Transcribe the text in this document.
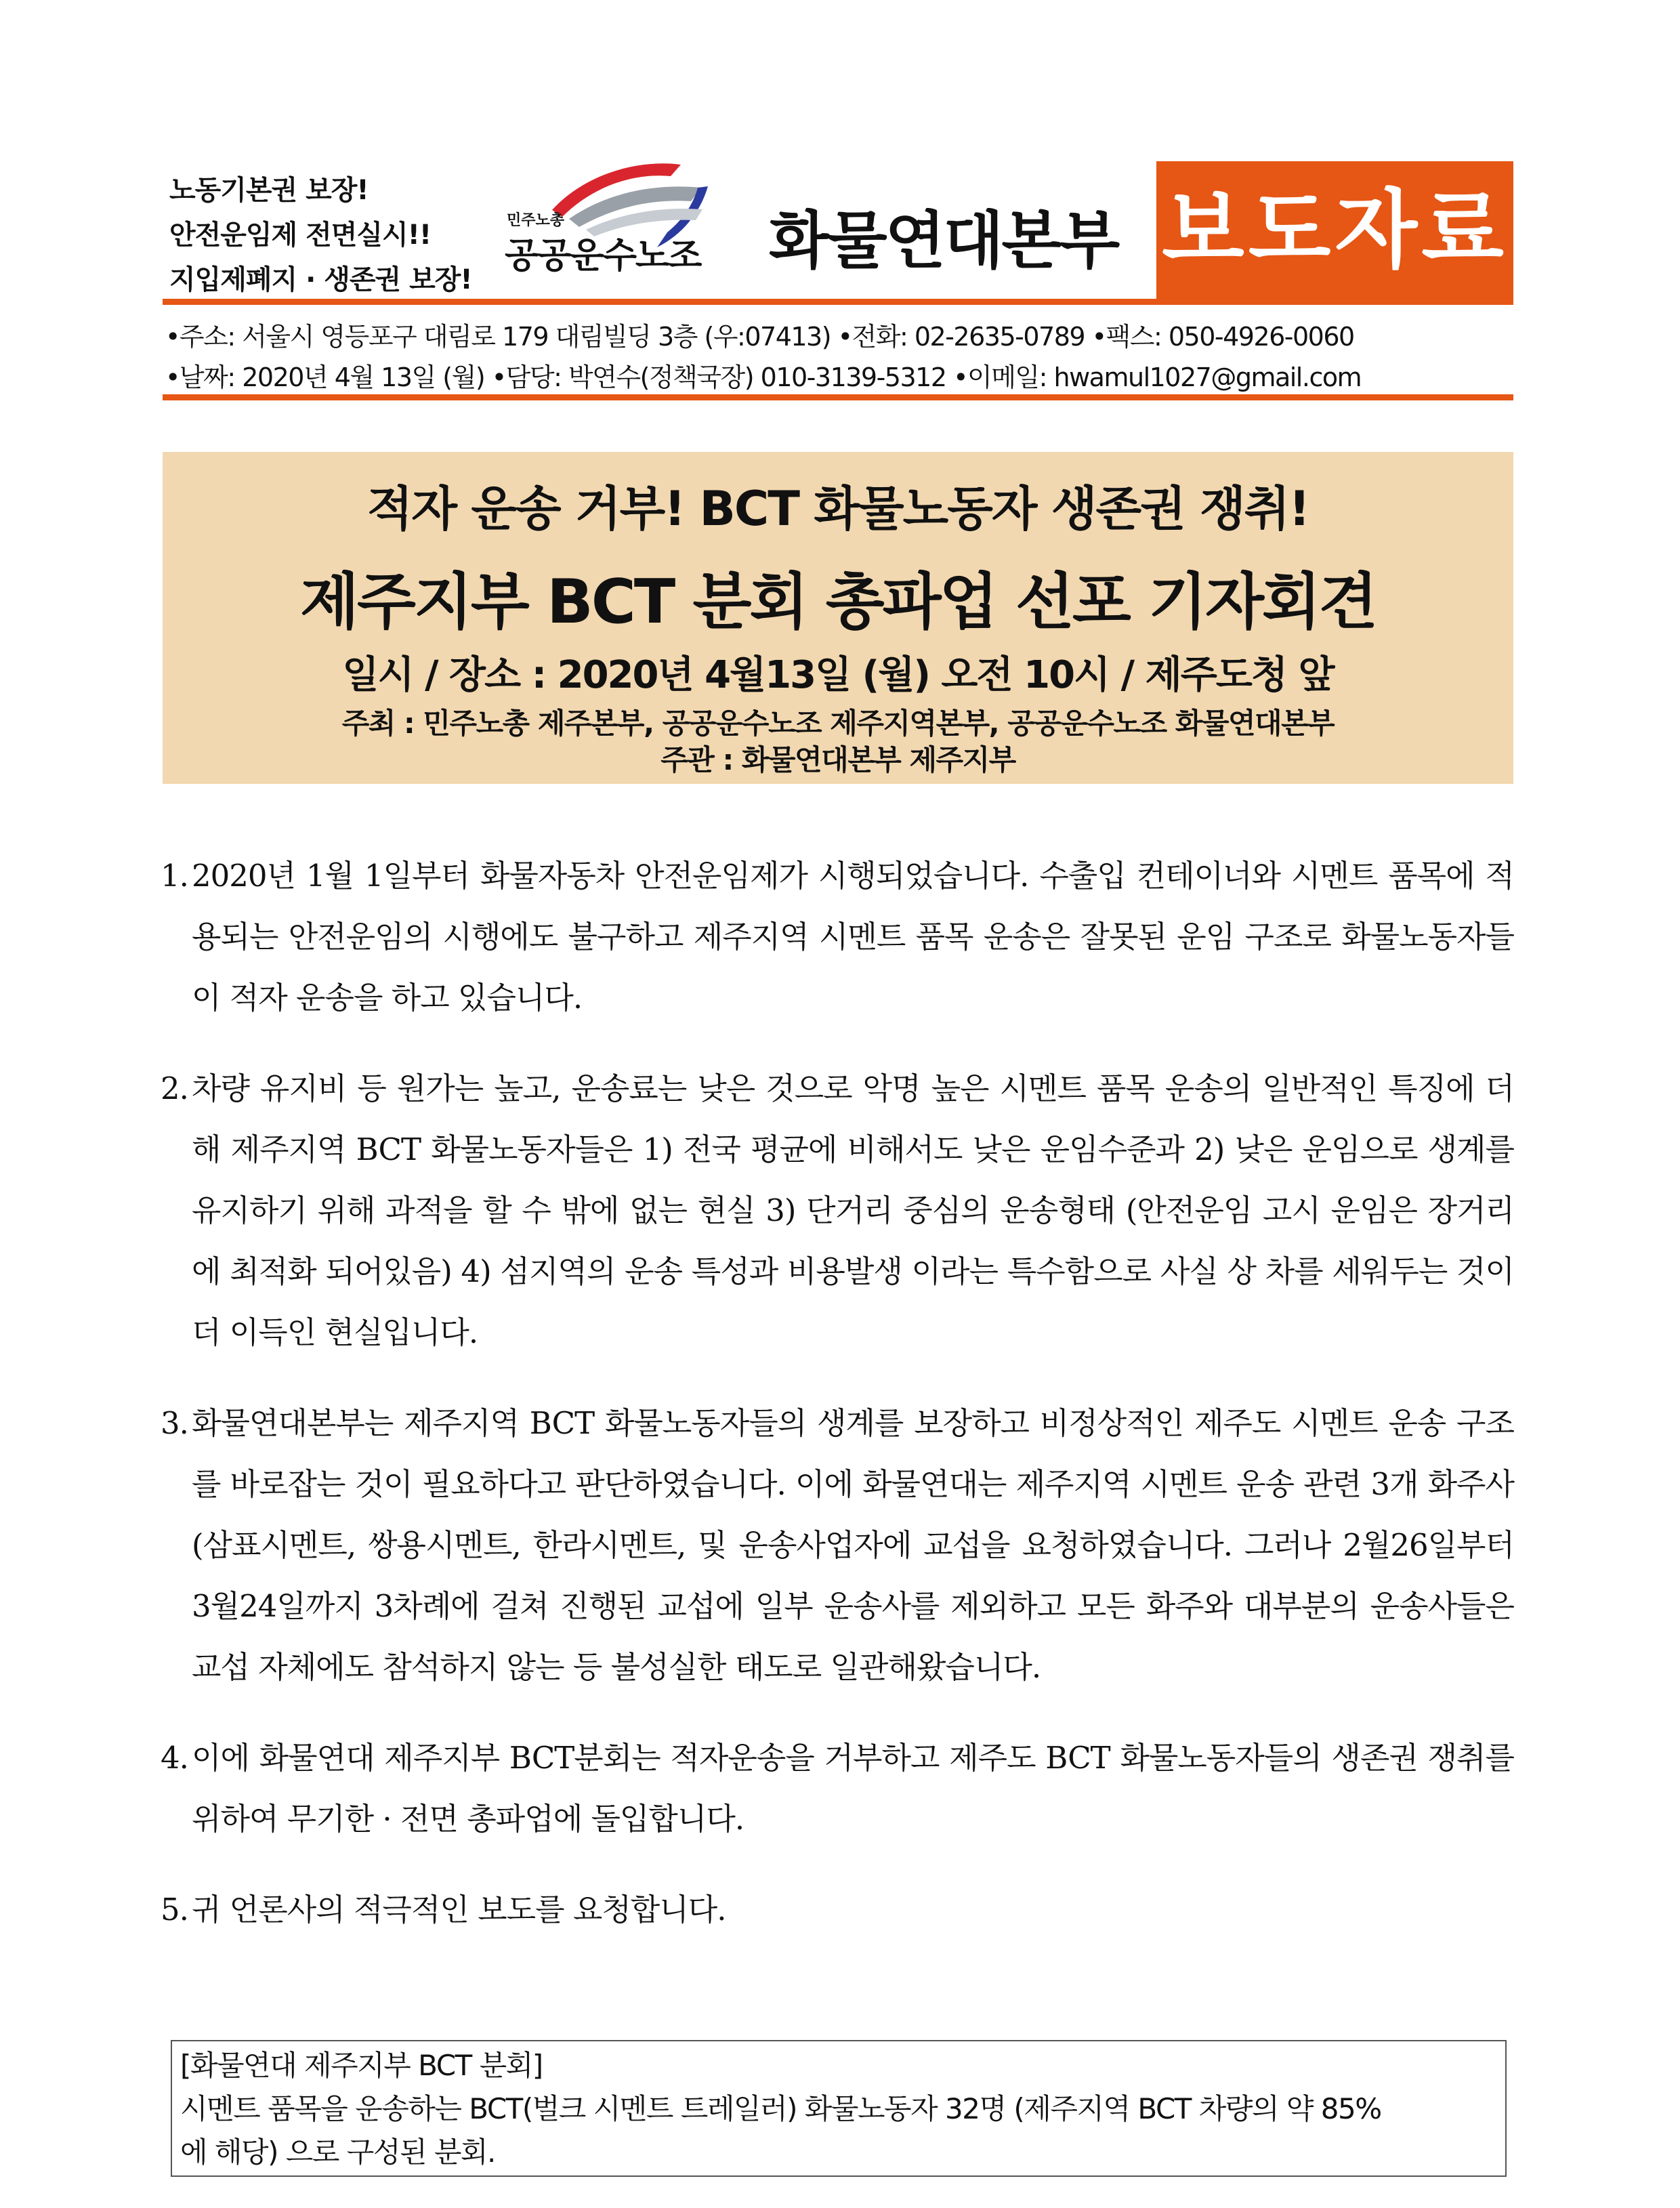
노동기본권 보장!
안전운임제 전면실시!!
지입제폐지 · 생존권 보장!
민주노총
공공운수노조 화물연대본부 보도자료
•주소: 서울시 영등포구 대림로 179 대림빌딩 3층 (우:07413) •전화: 02-2635-0789 •팩스: 050-4926-0060
•날짜: 2020년 4월 13일 (월) •담당: 박연수(정책국장) 010-3139-5312 •이메일: hwamul1027@gmail.com
적자 운송 거부! BCT 화물노동자 생존권 쟁취!
제주지부 BCT 분회 총파업 선포 기자회견
일시 / 장소 : 2020년 4월13일 (월) 오전 10시 / 제주도청 앞
주최 : 민주노총 제주본부, 공공운수노조 제주지역본부, 공공운수노조 화물연대본부
주관 : 화물연대본부 제주지부

1. 2020년 1월 1일부터 화물자동차 안전운임제가 시행되었습니다. 수출입 컨테이너와 시멘트 품목에 적용되는 안전운임의 시행에도 불구하고 제주지역 시멘트 품목 운송은 잘못된 운임 구조로 화물노동자들이 적자 운송을 하고 있습니다.

2. 차량 유지비 등 원가는 높고, 운송료는 낮은 것으로 악명 높은 시멘트 품목 운송의 일반적인 특징에 더해 제주지역 BCT 화물노동자들은 1) 전국 평균에 비해서도 낮은 운임수준과 2) 낮은 운임으로 생계를 유지하기 위해 과적을 할 수 밖에 없는 현실 3) 단거리 중심의 운송형태 (안전운임 고시 운임은 장거리에 최적화 되어있음) 4) 섬지역의 운송 특성과 비용발생 이라는 특수함으로 사실 상 차를 세워두는 것이 더 이득인 현실입니다.

3. 화물연대본부는 제주지역 BCT 화물노동자들의 생계를 보장하고 비정상적인 제주도 시멘트 운송 구조를 바로잡는 것이 필요하다고 판단하였습니다. 이에 화물연대는 제주지역 시멘트 운송 관련 3개 화주사 (삼표시멘트, 쌍용시멘트, 한라시멘트, 및 운송사업자에 교섭을 요청하였습니다. 그러나 2월26일부터 3월24일까지 3차례에 걸쳐 진행된 교섭에 일부 운송사를 제외하고 모든 화주와 대부분의 운송사들은 교섭 자체에도 참석하지 않는 등 불성실한 태도로 일관해왔습니다.

4. 이에 화물연대 제주지부 BCT분회는 적자운송을 거부하고 제주도 BCT 화물노동자들의 생존권 쟁취를 위하여 무기한 · 전면 총파업에 돌입합니다.

5. 귀 언론사의 적극적인 보도를 요청합니다.

[화물연대 제주지부 BCT 분회]
시멘트 품목을 운송하는 BCT(벌크 시멘트 트레일러) 화물노동자 32명 (제주지역 BCT 차량의 약 85%
에 해당) 으로 구성된 분회.
